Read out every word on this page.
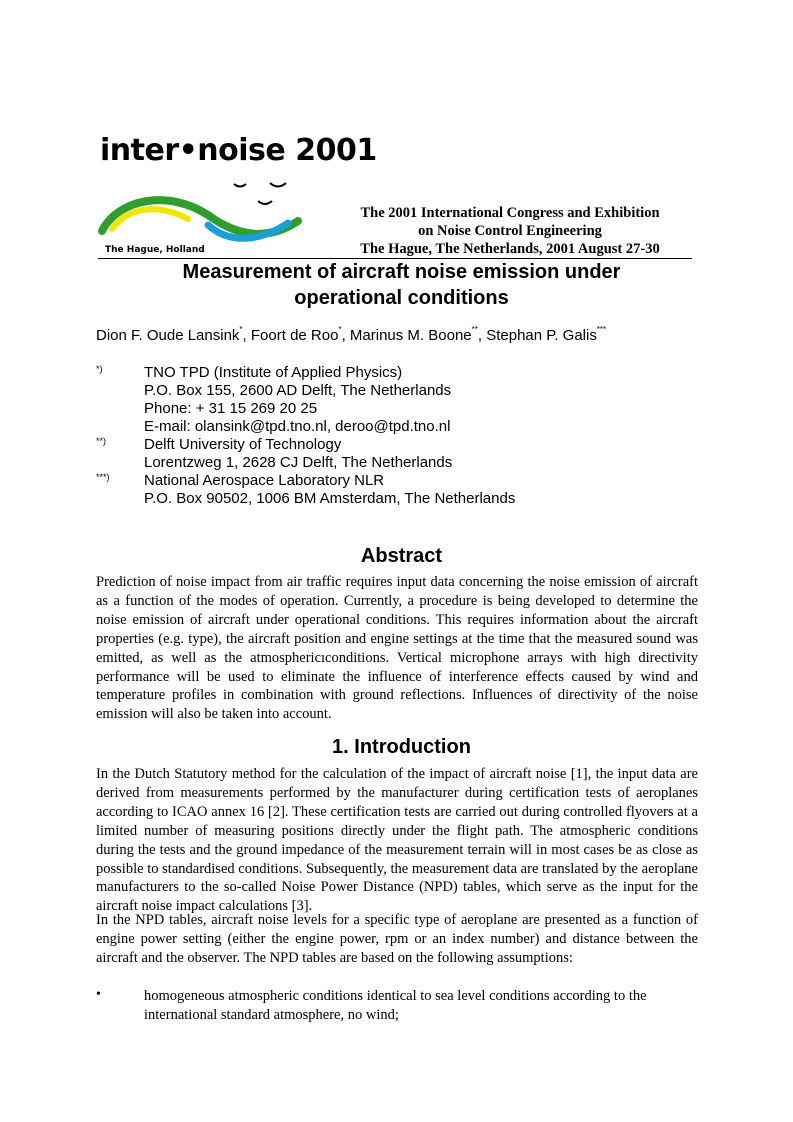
inter•noise 2001
The Hague, Holland
The 2001 International Congress and Exhibition
on Noise Control Engineering
The Hague, The Netherlands, 2001 August 27-30
Measurement of aircraft noise emission under
operational conditions
Dion F. Oude Lansink*, Foort de Roo*, Marinus M. Boone**, Stephan P. Galis***
*)	TNO TPD (Institute of Applied Physics)
P.O. Box 155, 2600 AD Delft, The Netherlands
Phone: + 31 15 269 20 25
E-mail: olansink@tpd.tno.nl, deroo@tpd.tno.nl
**)	Delft University of Technology
Lorentzweg 1, 2628 CJ Delft, The Netherlands
***) National Aerospace Laboratory NLR
P.O. Box 90502, 1006 BM Amsterdam, The Netherlands
Abstract
Prediction of noise impact from air traffic requires input data concerning the noise emission of aircraft as a function of the modes of operation. Currently, a procedure is being developed to determine the noise emission of aircraft under operational conditions. This requires information about the aircraft properties (e.g. type), the aircraft position and engine settings at the time that the measured sound was emitted, as well as the atmosphericıconditions. Vertical microphone arrays with high directivity performance will be used to eliminate the influence of interference effects caused by wind and temperature profiles in combination with ground reflections. Influences of directivity of the noise emission will also be taken into account.
1. Introduction
In the Dutch Statutory method for the calculation of the impact of aircraft noise [1], the input data are derived from measurements performed by the manufacturer during certification tests of aeroplanes according to ICAO annex 16 [2]. These certification tests are carried out during controlled flyovers at a limited number of measuring positions directly under the flight path. The atmospheric conditions during the tests and the ground impedance of the measurement terrain will in most cases be as close as possible to standardised conditions. Subsequently, the measurement data are translated by the aeroplane manufacturers to the so-called Noise Power Distance (NPD) tables, which serve as the input for the aircraft noise impact calculations [3].
In the NPD tables, aircraft noise levels for a specific type of aeroplane are presented as a function of engine power setting (either the engine power, rpm or an index number) and distance between the aircraft and the observer. The NPD tables are based on the following assumptions:
•	homogeneous atmospheric conditions identical to sea level conditions according to the international standard atmosphere, no wind;
